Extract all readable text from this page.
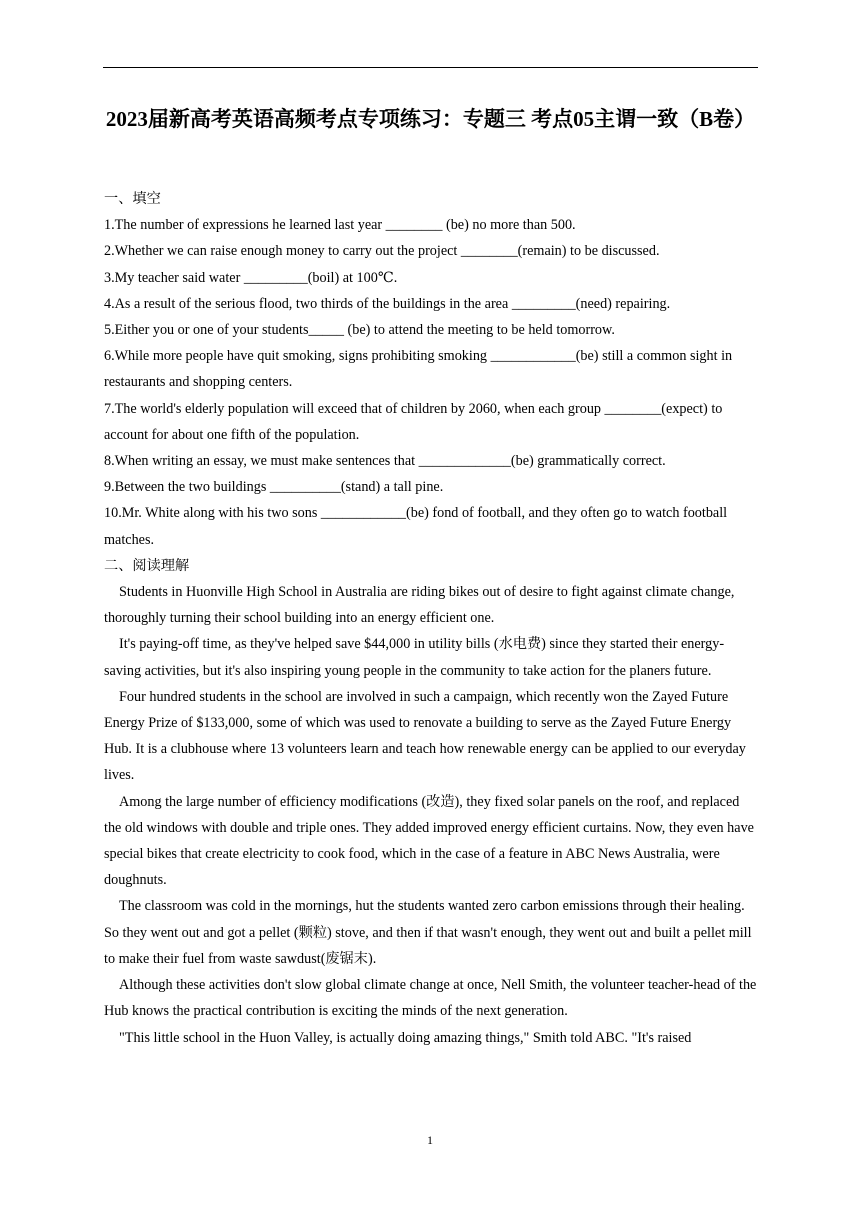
2023届新高考英语高频考点专项练习：专题三 考点05主谓一致（B卷）

一、填空

1.The number of expressions he learned last year ________ (be) no more than 500.

2.Whether we can raise enough money to carry out the project ________(remain) to be discussed.

3.My teacher said water _________(boil) at 100℃.

4.As a result of the serious flood, two thirds of the buildings in the area _________(need) repairing.

5.Either you or one of your students_____ (be) to attend the meeting to be held tomorrow.

6.While more people have quit smoking, signs prohibiting smoking ____________(be) still a common sight in restaurants and shopping centers.

7.The world's elderly population will exceed that of children by 2060, when each group ________(expect) to account for about one fifth of the population.

8.When writing an essay, we must make sentences that _____________(be) grammatically correct.

9.Between the two buildings __________(stand) a tall pine.

10.Mr. White along with his two sons ____________(be) fond of football, and they often go to watch football matches.

二、阅读理解

Students in Huonville High School in Australia are riding bikes out of desire to fight against climate change, thoroughly turning their school building into an energy efficient one.

It's paying-off time, as they've helped save $44,000 in utility bills (水电费) since they started their energy-saving activities, but it's also inspiring young people in the community to take action for the planers future.

Four hundred students in the school are involved in such a campaign, which recently won the Zayed Future Energy Prize of $133,000, some of which was used to renovate a building to serve as the Zayed Future Energy Hub. It is a clubhouse where 13 volunteers learn and teach how renewable energy can be applied to our everyday lives.

Among the large number of efficiency modifications (改造), they fixed solar panels on the roof, and replaced the old windows with double and triple ones. They added improved energy efficient curtains. Now, they even have special bikes that create electricity to cook food, which in the case of a feature in ABC News Australia, were doughnuts.

The classroom was cold in the mornings, hut the students wanted zero carbon emissions through their healing. So they went out and got a pellet (颗粒) stove, and then if that wasn't enough, they went out and built a pellet mill to make their fuel from waste sawdust(废锯末).

Although these activities don't slow global climate change at once, Nell Smith, the volunteer teacher-head of the Hub knows the practical contribution is exciting the minds of the next generation.

"This little school in the Huon Valley, is actually doing amazing things," Smith told ABC. "It's raised

1
